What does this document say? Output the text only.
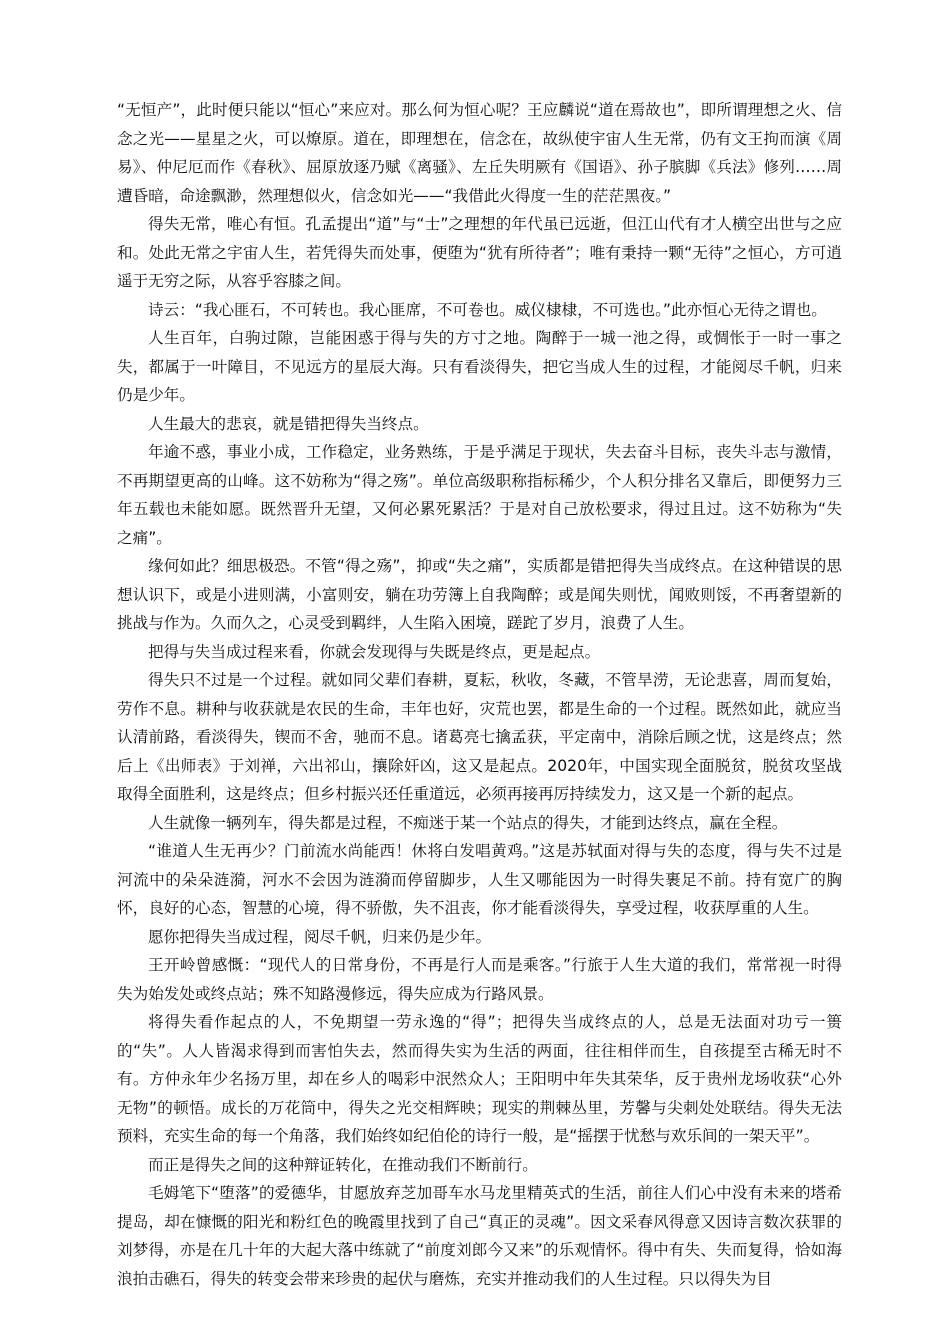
“无恒产”，此时便只能以“恒心”来应对。那么何为恒心呢？王应麟说“道在焉故也”，即所谓理想之火、信念之光——星星之火，可以燎原。道在，即理想在，信念在，故纵使宇宙人生无常，仍有文王拘而演《周易》、仲尼厄而作《春秋》、屈原放逐乃赋《离骚》、左丘失明厥有《国语》、孙子膑脚《兵法》修列……周遭昏暗，命途飘渺，然理想似火，信念如光——“我借此火得度一生的茫茫黑夜。”

得失无常，唯心有恒。孔孟提出“道”与“士”之理想的年代虽已远逝，但江山代有才人横空出世与之应和。处此无常之宇宙人生，若凭得失而处事，便堕为“犹有所待者”；唯有秉持一颗“无待”之恒心，方可逍遥于无穷之际，从容乎容膝之间。

诗云：“我心匪石，不可转也。我心匪席，不可卷也。威仪棣棣，不可选也。”此亦恒心无待之谓也。

人生百年，白驹过隙，岂能困惑于得与失的方寸之地。陶醉于一城一池之得，或惆怅于一时一事之失，都属于一叶障目，不见远方的星辰大海。只有看淡得失，把它当成人生的过程，才能阅尽千帆，归来仍是少年。

人生最大的悲哀，就是错把得失当终点。

年逾不惑，事业小成，工作稳定，业务熟练，于是乎满足于现状，失去奋斗目标，丧失斗志与激情，不再期望更高的山峰。这不妨称为“得之殇”。单位高级职称指标稀少，个人积分排名又靠后，即便努力三年五载也未能如愿。既然晋升无望，又何必累死累活？于是对自己放松要求，得过且过。这不妨称为“失之痛”。

缘何如此？细思极恐。不管“得之殇”，抑或“失之痛”，实质都是错把得失当成终点。在这种错误的思想认识下，或是小进则满，小富则安，躺在功劳簿上自我陶醉；或是闻失则忧，闻败则馁，不再奢望新的挑战与作为。久而久之，心灵受到羁绊，人生陷入困境，蹉跎了岁月，浪费了人生。

把得与失当成过程来看，你就会发现得与失既是终点，更是起点。

得失只不过是一个过程。就如同父辈们春耕，夏耘，秋收，冬藏，不管旱涝，无论悲喜，周而复始，劳作不息。耕种与收获就是农民的生命，丰年也好，灾荒也罢，都是生命的一个过程。既然如此，就应当认清前路，看淡得失，锲而不舍，驰而不息。诸葛亮七擒孟获，平定南中，消除后顾之忧，这是终点；然后上《出师表》于刘禅，六出祁山，攘除奸凶，这又是起点。2020年，中国实现全面脱贫，脱贫攻坚战取得全面胜利，这是终点；但乡村振兴还任重道远，必须再接再厉持续发力，这又是一个新的起点。

人生就像一辆列车，得失都是过程，不痴迷于某一个站点的得失，才能到达终点，赢在全程。

“谁道人生无再少？门前流水尚能西！休将白发唱黄鸡。”这是苏轼面对得与失的态度，得与失不过是河流中的朵朵涟漪，河水不会因为涟漪而停留脚步，人生又哪能因为一时得失裹足不前。持有宽广的胸怀，良好的心态，智慧的心境，得不骄傲，失不沮丧，你才能看淡得失，享受过程，收获厚重的人生。

愿你把得失当成过程，阅尽千帆，归来仍是少年。

王开岭曾感慨：“现代人的日常身份，不再是行人而是乘客。”行旅于人生大道的我们，常常视一时得失为始发处或终点站；殊不知路漫修远，得失应成为行路风景。

将得失看作起点的人，不免期望一劳永逸的“得”；把得失当成终点的人，总是无法面对功亏一篑的“失”。人人皆渴求得到而害怕失去，然而得失实为生活的两面，往往相伴而生，自孩提至古稀无时不有。方仲永年少名扬万里，却在乡人的喝彩中泯然众人；王阳明中年失其荣华，反于贵州龙场收获“心外无物”的顿悟。成长的万花筒中，得失之光交相辉映；现实的荆棘丛里，芳馨与尖刺处处联结。得失无法预料，充实生命的每一个角落，我们始终如纪伯伦的诗行一般，是“摇摆于忧愁与欢乐间的一架天平”。

而正是得失之间的这种辩证转化，在推动我们不断前行。

毛姆笔下“堕落”的爱德华，甘愿放弃芝加哥车水马龙里精英式的生活，前往人们心中没有未来的塔希提岛，却在慷慨的阳光和粉红色的晚霞里找到了自己“真正的灵魂”。因文采春风得意又因诗言数次获罪的刘梦得，亦是在几十年的大起大落中练就了“前度刘郎今又来”的乐观情怀。得中有失、失而复得，恰如海浪拍击礁石，得失的转变会带来珍贵的起伏与磨炼，充实并推动我们的人生过程。只以得失为目
